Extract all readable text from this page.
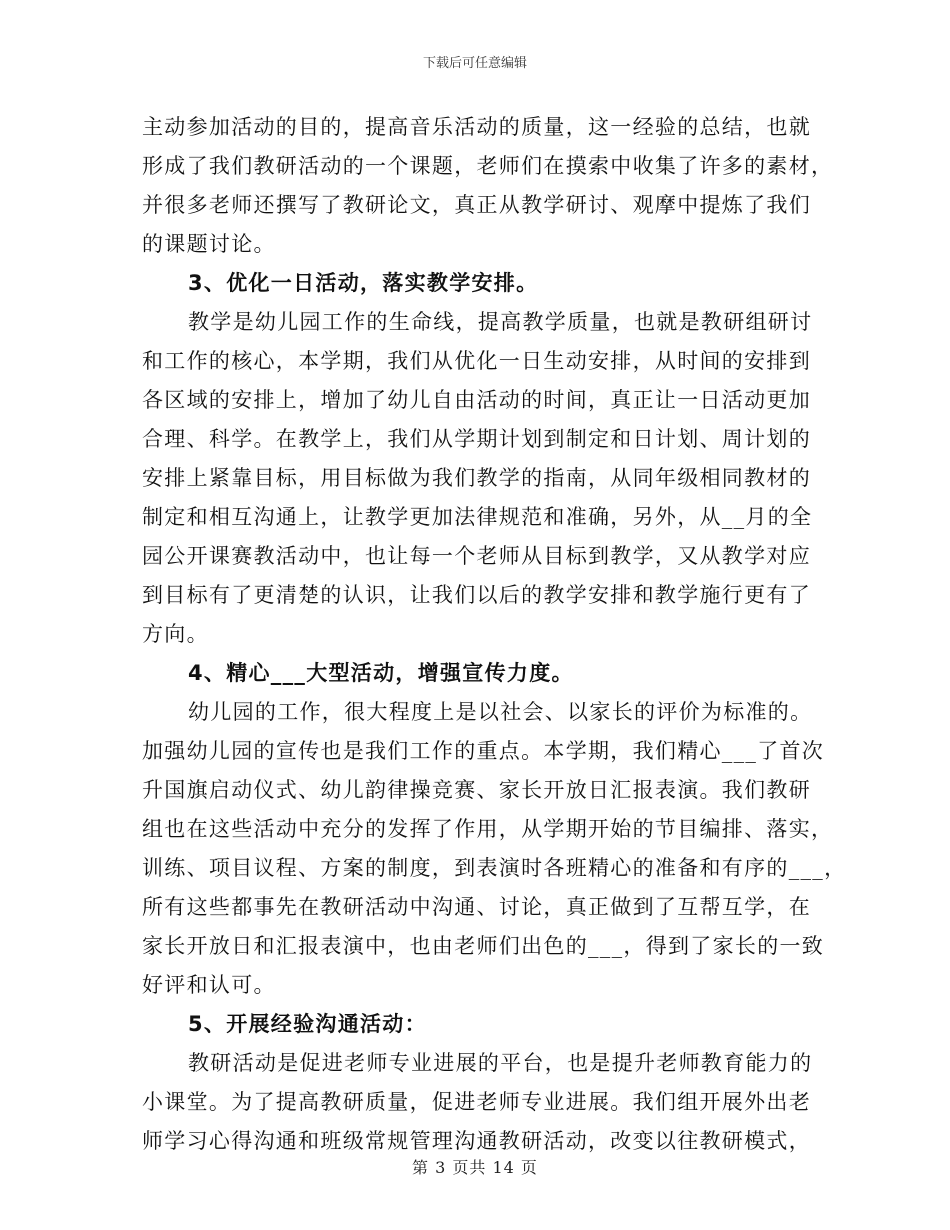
下载后可任意编辑
主动参加活动的目的，提高音乐活动的质量，这一经验的总结，也就
形成了我们教研活动的一个课题，老师们在摸索中收集了许多的素材，
并很多老师还撰写了教研论文，真正从教学研讨、观摩中提炼了我们
的课题讨论。
3、优化一日活动，落实教学安排。
教学是幼儿园工作的生命线，提高教学质量，也就是教研组研讨
和工作的核心，本学期，我们从优化一日生动安排，从时间的安排到
各区域的安排上，增加了幼儿自由活动的时间，真正让一日活动更加
合理、科学。在教学上，我们从学期计划到制定和日计划、周计划的
安排上紧靠目标，用目标做为我们教学的指南，从同年级相同教材的
制定和相互沟通上，让教学更加法律规范和准确，另外，从__月的全
园公开课赛教活动中，也让每一个老师从目标到教学，又从教学对应
到目标有了更清楚的认识，让我们以后的教学安排和教学施行更有了
方向。
4、精心___大型活动，增强宣传力度。
幼儿园的工作，很大程度上是以社会、以家长的评价为标准的。
加强幼儿园的宣传也是我们工作的重点。本学期，我们精心___了首次
升国旗启动仪式、幼儿韵律操竞赛、家长开放日汇报表演。我们教研
组也在这些活动中充分的发挥了作用，从学期开始的节目编排、落实，
训练、项目议程、方案的制度，到表演时各班精心的准备和有序的___，
所有这些都事先在教研活动中沟通、讨论，真正做到了互帮互学，在
家长开放日和汇报表演中，也由老师们出色的___，得到了家长的一致
好评和认可。
5、开展经验沟通活动：
教研活动是促进老师专业进展的平台，也是提升老师教育能力的
小课堂。为了提高教研质量，促进老师专业进展。我们组开展外出老
师学习心得沟通和班级常规管理沟通教研活动，改变以往教研模式，
第 3 页共 14 页
